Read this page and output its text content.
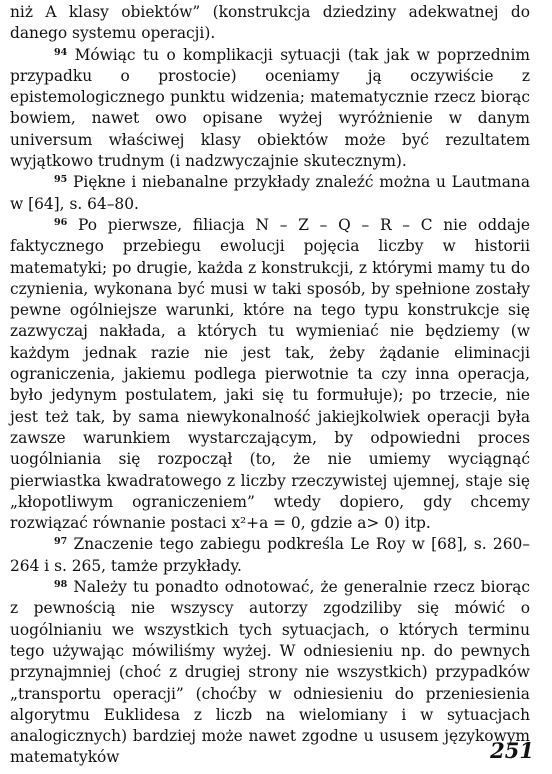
niż A klasy obiektów” (konstrukcja dziedziny adekwatnej do danego systemu operacji).

$^{94}$ Mówiąc tu o komplikacji sytuacji (tak jak w poprzednim przypadku o prostocie) oceniamy ją oczywiście z epistemologicznego punktu widzenia; matematycznie rzecz biorąc bowiem, nawet owo opisane wyżej wyróżnienie w danym universum właściwej klasy obiektów może być rezultatem wyjątkowo trudnym (i nadzwyczajnie skutecznym).

$^{95}$ Piękne i niebanalne przykłady znaleźć można u Lautmana w [64], s. 64–80.

$^{96}$ Po pierwsze, filiacja N – Z – Q – R – C nie oddaje faktycznego przebiegu ewolucji pojęcia liczby w historii matematyki; po drugie, każda z konstrukcji, z którymi mamy tu do czynienia, wykonana być musi w taki sposób, by spełnione zostały pewne ogólniejsze warunki, które na tego typu konstrukcje się zazwyczaj nakłada, a których tu wymieniać nie będziemy (w każdym jednak razie nie jest tak, żeby żądanie eliminacji ograniczenia, jakiemu podlega pierwotnie ta czy inna operacja, było jedynym postulatem, jaki się tu formułuje); po trzecie, nie jest też tak, by sama niewykonalność jakiejkolwiek operacji była zawsze warunkiem wystarczającym, by odpowiedni proces uogólniania się rozpoczął (to, że nie umiemy wyciągnąć pierwiastka kwadratowego z liczby rzeczywistej ujemnej, staje się „kłopotliwym ograniczeniem” wtedy dopiero, gdy chcemy rozwiązać równanie postaci x²+a = 0, gdzie a> 0) itp.

$^{97}$ Znaczenie tego zabiegu podkreśla Le Roy w [68], s. 260–264 i s. 265, tamże przykłady.

$^{98}$ Należy tu ponadto odnotować, że generalnie rzecz biorąc z pewnością nie wszyscy autorzy zgodziliby się mówić o uogólnianiu we wszystkich tych sytuacjach, o których terminu tego używając mówiliśmy wyżej. W odniesieniu np. do pewnych przynajmniej (choć z drugiej strony nie wszystkich) przypadków „transportu operacji” (choćby w odniesieniu do przeniesienia algorytmu Euklidesa z liczb na wielomiany i w sytuacjach analogicznych) bardziej może nawet zgodne u ususem językowym matematyków	251
